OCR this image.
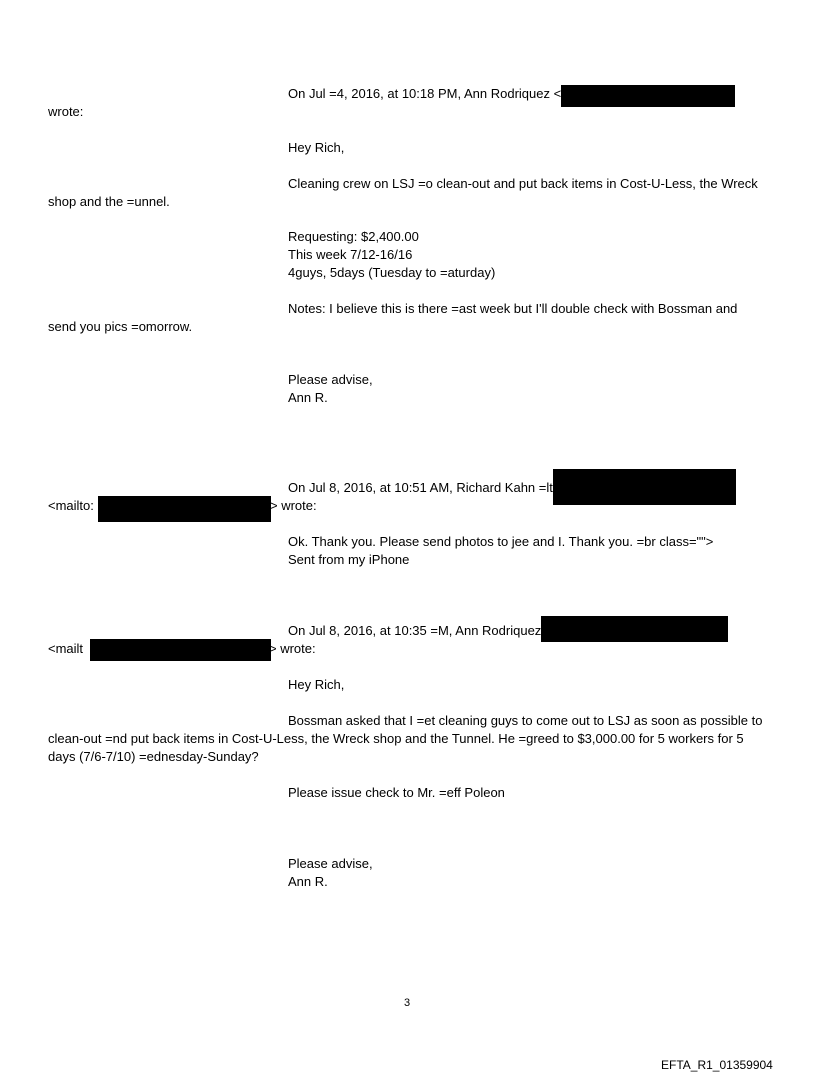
On Jul =4, 2016, at 10:18 PM, Ann Rodriquez <
wrote:
Hey Rich,
Cleaning crew on LSJ =o clean-out and put back items in Cost-U-Less, the Wreck
shop and the =unnel.
Requesting: $2,400.00
This week 7/12-16/16
4guys, 5days (Tuesday to =aturday)
Notes: I believe this is there =ast week but I'll double check with Bossman and
send you pics =omorrow.
Please advise,
Ann R.
On Jul 8, 2016, at 10:51 AM, Richard Kahn =lt
<mailto:	> wrote:
Ok. Thank you. Please send photos to jee and I. Thank you. =br class="">
Sent from my iPhone
On Jul 8, 2016, at 10:35 =M, Ann Rodriquez
<mailt	> wrote:
Hey Rich,
Bossman asked that I =et cleaning guys to come out to LSJ as soon as possible to
clean-out =nd put back items in Cost-U-Less, the Wreck shop and the Tunnel. He =greed to $3,000.00 for 5 workers for 5 days (7/6-7/10) =ednesday-Sunday?
Please issue check to Mr. =eff Poleon
Please advise,
Ann R.
3
EFTA_R1_01359904
